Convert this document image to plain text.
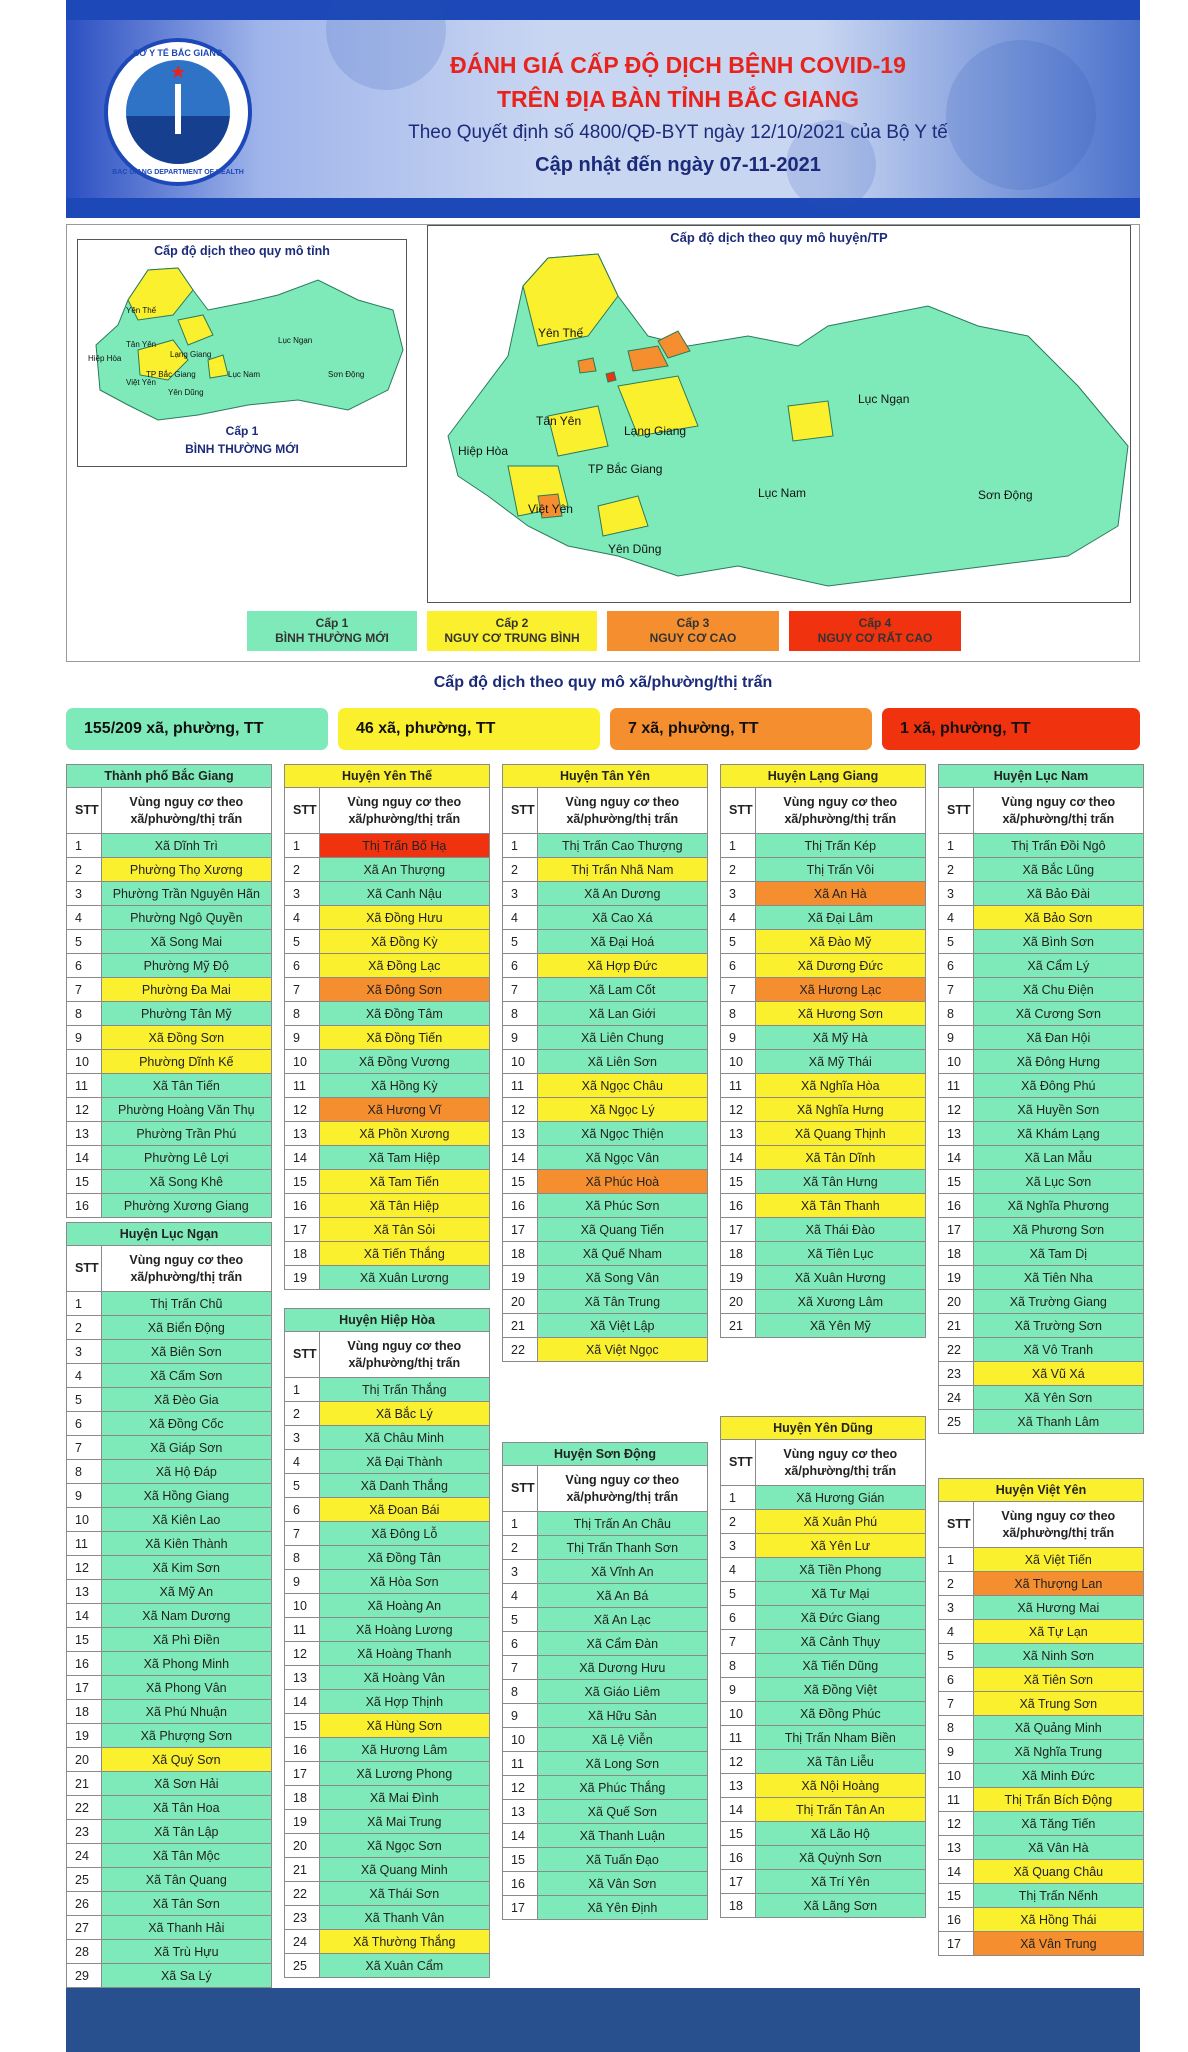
SỞ Y TẾ BẮC GIANG
★
BAC GIANG DEPARTMENT OF HEALTH
ĐÁNH GIÁ CẤP ĐỘ DỊCH BỆNH COVID-19
TRÊN ĐỊA BÀN TỈNH BẮC GIANG
Theo Quyết định số 4800/QĐ-BYT ngày 12/10/2021 của Bộ Y tế
Cập nhật đến ngày 07-11-2021
Cấp độ dịch theo quy mô tỉnh
Yên Thế
Tân Yên
Hiệp Hòa	Lạng Giang
TP Bắc Giang
Việt Yên
Yên Dũng
Lục Ngạn
Lục Nam	Sơn Động
Cấp 1
BÌNH THƯỜNG MỚI
Cấp độ dịch theo quy mô huyện/TP
Yên Thế
Tân Yên
Hiệp Hòa
Lạng Giang
TP Bắc Giang
Việt Yên
Yên Dũng
Lục Ngạn
Lục Nam	Sơn Động
Cấp 1
BÌNH THƯỜNG MỚI
Cấp 2
NGUY CƠ TRUNG BÌNH
Cấp 3
NGUY CƠ CAO
Cấp 4
NGUY CƠ RẤT CAO
Cấp độ dịch theo quy mô xã/phường/thị trấn
155/209 xã, phường, TT	46 xã, phường, TT	7 xã, phường, TT	1 xã, phường, TT
Thành phố Bắc Giang	
STT	Vùng nguy cơ theo xã/phường/thị trấn
1	Xã Dĩnh Trì
2	Phường Thọ Xương
3	Phường Trần Nguyên Hãn
4	Phường Ngô Quyền
5	Xã Song Mai
6	Phường Mỹ Độ
7	Phường Đa Mai
8	Phường Tân Mỹ
9	Xã Đồng Sơn
10	Phường Dĩnh Kế
11	Xã Tân Tiến
12	Phường Hoàng Văn Thụ
13	Phường Trần Phú
14	Phường Lê Lợi
15	Xã Song Khê
16	Phường Xương Giang
Huyện Lục Ngạn	
STT	Vùng nguy cơ theo xã/phường/thị trấn
1	Thị Trấn Chũ
2	Xã Biển Động
3	Xã Biên Sơn
4	Xã Cấm Sơn
5	Xã Đèo Gia
6	Xã Đồng Cốc
7	Xã Giáp Sơn
8	Xã Hộ Đáp
9	Xã Hồng Giang
10	Xã Kiên Lao
11	Xã Kiên Thành
12	Xã Kim Sơn
13	Xã Mỹ An
14	Xã Nam Dương
15	Xã Phì Điền
16	Xã Phong Minh
17	Xã Phong Vân
18	Xã Phú Nhuận
19	Xã Phượng Sơn
20	Xã Quý Sơn
21	Xã Sơn Hải
22	Xã Tân Hoa
23	Xã Tân Lập
24	Xã Tân Mộc
25	Xã Tân Quang
26	Xã Tân Sơn
27	Xã Thanh Hải
28	Xã Trù Hựu
29	Xã Sa Lý
Huyện Yên Thế	
STT	Vùng nguy cơ theo xã/phường/thị trấn
1	Thị Trấn Bố Hạ
2	Xã An Thượng
3	Xã Canh Nậu
4	Xã Đồng Hưu
5	Xã Đồng Kỳ
6	Xã Đồng Lạc
7	Xã Đông Sơn
8	Xã Đồng Tâm
9	Xã Đồng Tiến
10	Xã Đồng Vương
11	Xã Hồng Kỳ
12	Xã Hương Vĩ
13	Xã Phồn Xương
14	Xã Tam Hiệp
15	Xã Tam Tiến
16	Xã Tân Hiệp
17	Xã Tân Sỏi
18	Xã Tiến Thắng
19	Xã Xuân Lương
Huyện Hiệp Hòa	
STT	Vùng nguy cơ theo xã/phường/thị trấn
1	Thị Trấn Thắng
2	Xã Bắc Lý
3	Xã Châu Minh
4	Xã Đại Thành
5	Xã Danh Thắng
6	Xã Đoan Bái
7	Xã Đông Lỗ
8	Xã Đồng Tân
9	Xã Hòa Sơn
10	Xã Hoàng An
11	Xã Hoàng Lương
12	Xã Hoàng Thanh
13	Xã Hoàng Vân
14	Xã Hợp Thịnh
15	Xã Hùng Sơn
16	Xã Hương Lâm
17	Xã Lương Phong
18	Xã Mai Đình
19	Xã Mai Trung
20	Xã Ngọc Sơn
21	Xã Quang Minh
22	Xã Thái Sơn
23	Xã Thanh Vân
24	Xã Thường Thắng
25	Xã Xuân Cẩm
Huyện Tân Yên	
STT	Vùng nguy cơ theo xã/phường/thị trấn
1	Thị Trấn Cao Thượng
2	Thị Trấn Nhã Nam
3	Xã An Dương
4	Xã Cao Xá
5	Xã Đại Hoá
6	Xã Hợp Đức
7	Xã Lam Cốt
8	Xã Lan Giới
9	Xã Liên Chung
10	Xã Liên Sơn
11	Xã Ngọc Châu
12	Xã Ngọc Lý
13	Xã Ngọc Thiện
14	Xã Ngọc Vân
15	Xã Phúc Hoà
16	Xã Phúc Sơn
17	Xã Quang Tiến
18	Xã Quế Nham
19	Xã Song Vân
20	Xã Tân Trung
21	Xã Việt Lập
22	Xã Việt Ngọc
Huyện Sơn Động	
STT	Vùng nguy cơ theo xã/phường/thị trấn
1	Thị Trấn An Châu
2	Thị Trấn Thanh Sơn
3	Xã Vĩnh An
4	Xã An Bá
5	Xã An Lạc
6	Xã Cẩm Đàn
7	Xã Dương Hưu
8	Xã Giáo Liêm
9	Xã Hữu Sản
10	Xã Lệ Viễn
11	Xã Long Sơn
12	Xã Phúc Thắng
13	Xã Quế Sơn
14	Xã Thanh Luận
15	Xã Tuấn Đạo
16	Xã Vân Sơn
17	Xã Yên Định
Huyện Lạng Giang	
STT	Vùng nguy cơ theo xã/phường/thị trấn
1	Thị Trấn Kép
2	Thị Trấn Vôi
3	Xã An Hà
4	Xã Đại Lâm
5	Xã Đào Mỹ
6	Xã Dương Đức
7	Xã Hương Lạc
8	Xã Hương Sơn
9	Xã Mỹ Hà
10	Xã Mỹ Thái
11	Xã Nghĩa Hòa
12	Xã Nghĩa Hưng
13	Xã Quang Thịnh
14	Xã Tân Dĩnh
15	Xã Tân Hưng
16	Xã Tân Thanh
17	Xã Thái Đào
18	Xã Tiên Lục
19	Xã Xuân Hương
20	Xã Xương Lâm
21	Xã Yên Mỹ
Huyện Yên Dũng	
STT	Vùng nguy cơ theo xã/phường/thị trấn
1	Xã Hương Gián
2	Xã Xuân Phú
3	Xã Yên Lư
4	Xã Tiền Phong
5	Xã Tư Mại
6	Xã Đức Giang
7	Xã Cảnh Thụy
8	Xã Tiến Dũng
9	Xã Đồng Việt
10	Xã Đồng Phúc
11	Thị Trấn Nham Biền
12	Xã Tân Liễu
13	Xã Nội Hoàng
14	Thị Trấn Tân An
15	Xã Lão Hộ
16	Xã Quỳnh Sơn
17	Xã Trí Yên
18	Xã Lãng Sơn
Huyện Lục Nam	
STT	Vùng nguy cơ theo xã/phường/thị trấn
1	Thị Trấn Đồi Ngô
2	Xã Bắc Lũng
3	Xã Bảo Đài
4	Xã Bảo Sơn
5	Xã Bình Sơn
6	Xã Cẩm Lý
7	Xã Chu Điện
8	Xã Cương Sơn
9	Xã Đan Hội
10	Xã Đông Hưng
11	Xã Đông Phú
12	Xã Huyền Sơn
13	Xã Khám Lạng
14	Xã Lan Mẫu
15	Xã Lục Sơn
16	Xã Nghĩa Phương
17	Xã Phương Sơn
18	Xã Tam Dị
19	Xã Tiên Nha
20	Xã Trường Giang
21	Xã Trường Sơn
22	Xã Vô Tranh
23	Xã Vũ Xá
24	Xã Yên Sơn
25	Xã Thanh Lâm
Huyện Việt Yên	
STT	Vùng nguy cơ theo xã/phường/thị trấn
1	Xã Việt Tiến
2	Xã Thượng Lan
3	Xã Hương Mai
4	Xã Tự Lạn
5	Xã Ninh Sơn
6	Xã Tiên Sơn
7	Xã Trung Sơn
8	Xã Quảng Minh
9	Xã Nghĩa Trung
10	Xã Minh Đức
11	Thị Trấn Bích Động
12	Xã Tăng Tiến
13	Xã Vân Hà
14	Xã Quang Châu
15	Thị Trấn Nếnh
16	Xã Hồng Thái
17	Xã Vân Trung
